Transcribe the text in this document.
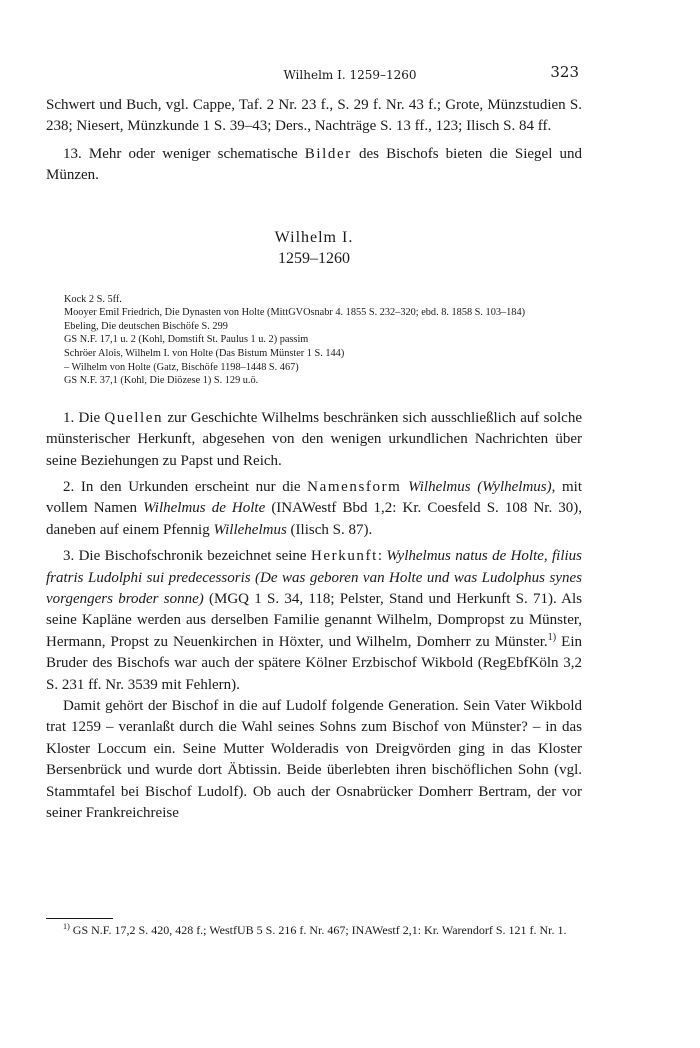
Wilhelm I. 1259–1260	323

Schwert und Buch, vgl. Cappe, Taf. 2 Nr. 23 f., S. 29 f. Nr. 43 f.; Grote, Münzstudien S. 238; Niesert, Münzkunde 1 S. 39–43; Ders., Nachträge S. 13 ff., 123; Ilisch S. 84 ff.

13. Mehr oder weniger schematische Bilder des Bischofs bieten die Siegel und Münzen.

Wilhelm I.
1259–1260
Kock 2 S. 5ff.
Mooyer Emil Friedrich, Die Dynasten von Holte (MittGVOsnabr 4. 1855 S. 232–320; ebd. 8. 1858 S. 103–184)
Ebeling, Die deutschen Bischöfe S. 299
GS N.F. 17,1 u. 2 (Kohl, Domstift St. Paulus 1 u. 2) passim
Schröer Alois, Wilhelm I. von Holte (Das Bistum Münster 1 S. 144)
– Wilhelm von Holte (Gatz, Bischöfe 1198–1448 S. 467)
GS N.F. 37,1 (Kohl, Die Diözese 1) S. 129 u.ö.

1. Die Quellen zur Geschichte Wilhelms beschränken sich ausschließlich auf solche münsterischer Herkunft, abgesehen von den wenigen urkundlichen Nachrichten über seine Beziehungen zu Papst und Reich.

2. In den Urkunden erscheint nur die Namensform Wilhelmus (Wylhelmus), mit vollem Namen Wilhelmus de Holte (INAWestf Bbd 1,2: Kr. Coesfeld S. 108 Nr. 30), daneben auf einem Pfennig Willehelmus (Ilisch S. 87).

3. Die Bischofschronik bezeichnet seine Herkunft: Wylhelmus natus de Holte, filius fratris Ludolphi sui predecessoris (De was geboren van Holte und was Ludolphus synes vorgengers broder sonne) (MGQ 1 S. 34, 118; Pelster, Stand und Herkunft S. 71). Als seine Kapläne werden aus derselben Familie genannt Wilhelm, Dompropst zu Münster, Hermann, Propst zu Neuenkirchen in Höxter, und Wilhelm, Domherr zu Münster.$^{1)}$ Ein Bruder des Bischofs war auch der spätere Kölner Erzbischof Wikbold (RegEbfKöln 3,2 S. 231 ff. Nr. 3539 mit Fehlern).

Damit gehört der Bischof in die auf Ludolf folgende Generation. Sein Vater Wikbold trat 1259 – veranlaßt durch die Wahl seines Sohns zum Bischof von Münster? – in das Kloster Loccum ein. Seine Mutter Wolderadis von Dreigvörden ging in das Kloster Bersenbrück und wurde dort Äbtissin. Beide überlebten ihren bischöflichen Sohn (vgl. Stammtafel bei Bischof Ludolf). Ob auch der Osnabrücker Domherr Bertram, der vor seiner Frankreichreise

$^{1)}$ GS N.F. 17,2 S. 420, 428 f.; WestfUB 5 S. 216 f. Nr. 467; INAWestf 2,1: Kr. Warendorf S. 121 f. Nr. 1.
